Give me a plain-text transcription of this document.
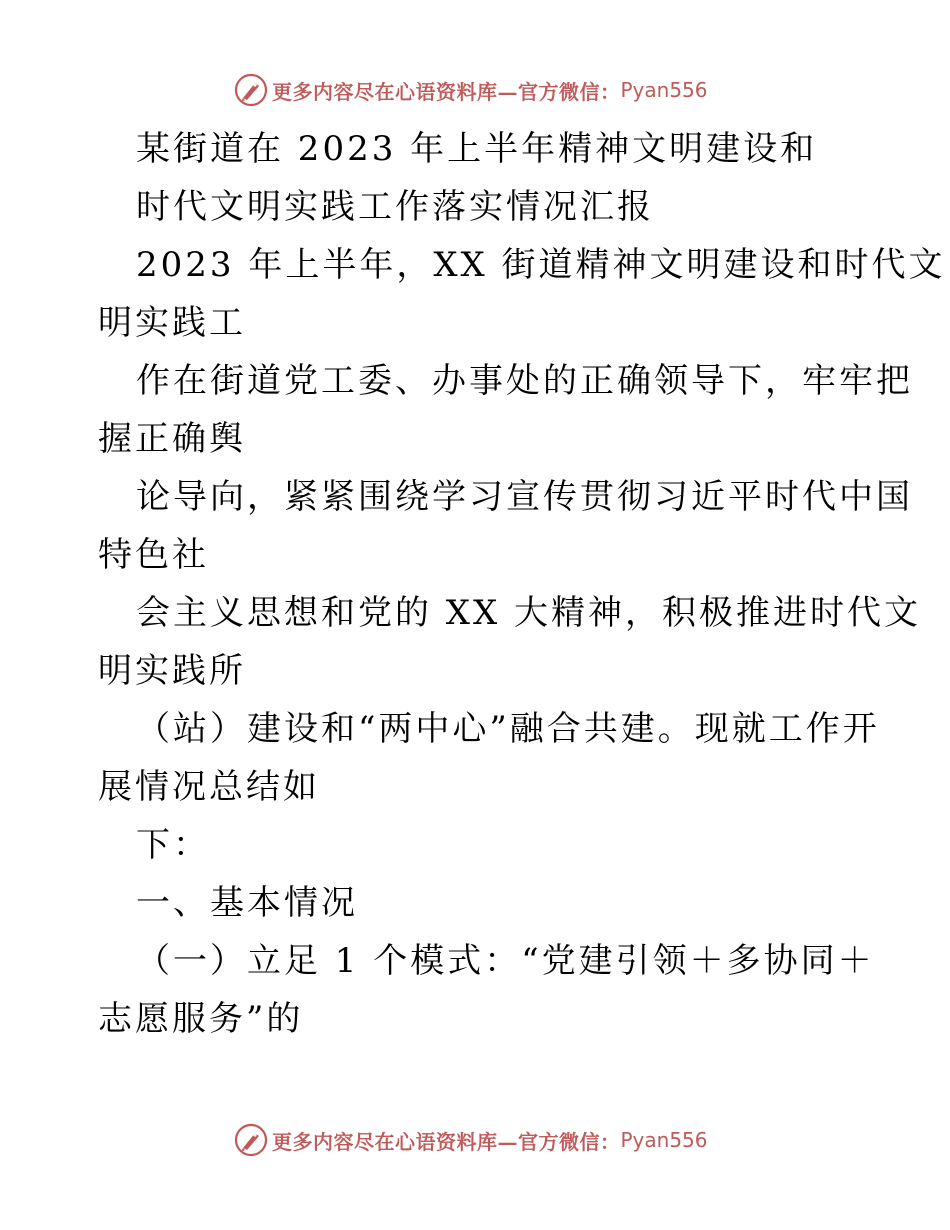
更多内容尽在心语资料库—官方微信： Pyan556
某街道在 2023 年上半年精神文明建设和
时代文明实践工作落实情况汇报
2023 年上半年，XX 街道精神文明建设和时代文
明实践工
作在街道党工委、办事处的正确领导下，牢牢把
握正确舆
论导向，紧紧围绕学习宣传贯彻习近平时代中国
特色社
会主义思想和党的 XX 大精神，积极推进时代文
明实践所
（站）建设和“两中心”融合共建。现就工作开
展情况总结如
下：
一、基本情况
（一）立足 1 个模式：“党建引领＋多协同＋
志愿服务”的
更多内容尽在心语资料库—官方微信： Pyan556
